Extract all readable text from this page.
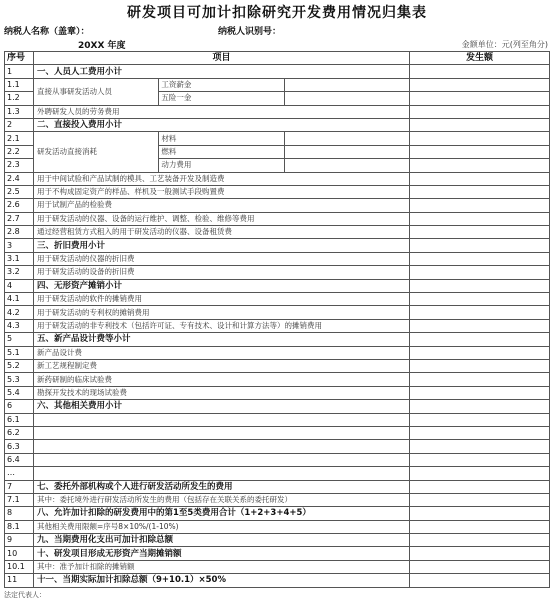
研发项目可加计扣除研究开发费用情况归集表
纳税人名称（盖章）：	纳税人识别号：
20XX 年度	金额单位：元(列至角分)
序号	项目			发生额
1	一、人员人工费用小计			
1.1	直接从事研发活动人员	工资薪金		
1.2		五险一金		
1.3	外聘研发人员的劳务费用			
2	二、直接投入费用小计			
2.1	研发活动直接消耗	材料		
2.2		燃料		
2.3		动力费用		
2.4	用于中间试验和产品试制的模具、工艺装备开发及制造费			
2.5	用于不构成固定资产的样品、样机及一般测试手段购置费			
2.6	用于试制产品的检验费			
2.7	用于研发活动的仪器、设备的运行维护、调整、检验、维修等费用			
2.8	通过经营租赁方式租入的用于研发活动的仪器、设备租赁费			
3	三、折旧费用小计			
3.1	用于研发活动的仪器的折旧费			
3.2	用于研发活动的设备的折旧费			
4	四、无形资产摊销小计			
4.1	用于研发活动的软件的摊销费用			
4.2	用于研发活动的专利权的摊销费用			
4.3	用于研发活动的非专利技术（包括许可证、专有技术、设计和计算方法等）的摊销费用			
5	五、新产品设计费等小计			
5.1	新产品设计费			
5.2	新工艺规程制定费			
5.3	新药研制的临床试验费			
5.4	勘探开发技术的现场试验费			
6	六、其他相关费用小计			
6.1				
6.2				
6.3				
6.4				
…				
7	七、委托外部机构或个人进行研发活动所发生的费用			
7.1	其中：委托境外进行研发活动所发生的费用（包括存在关联关系的委托研发）			
8	八、允许加计扣除的研发费用中的第1至5类费用合计（1+2+3+4+5）			
8.1	其他相关费用限额=序号8×10%/(1-10%)			
9	九、当期费用化支出可加计扣除总额			
10	十、研发项目形成无形资产当期摊销额			
10.1	其中：准予加计扣除的摊销额			
11	十一、当期实际加计扣除总额（9+10.1）×50%			
法定代表人：
